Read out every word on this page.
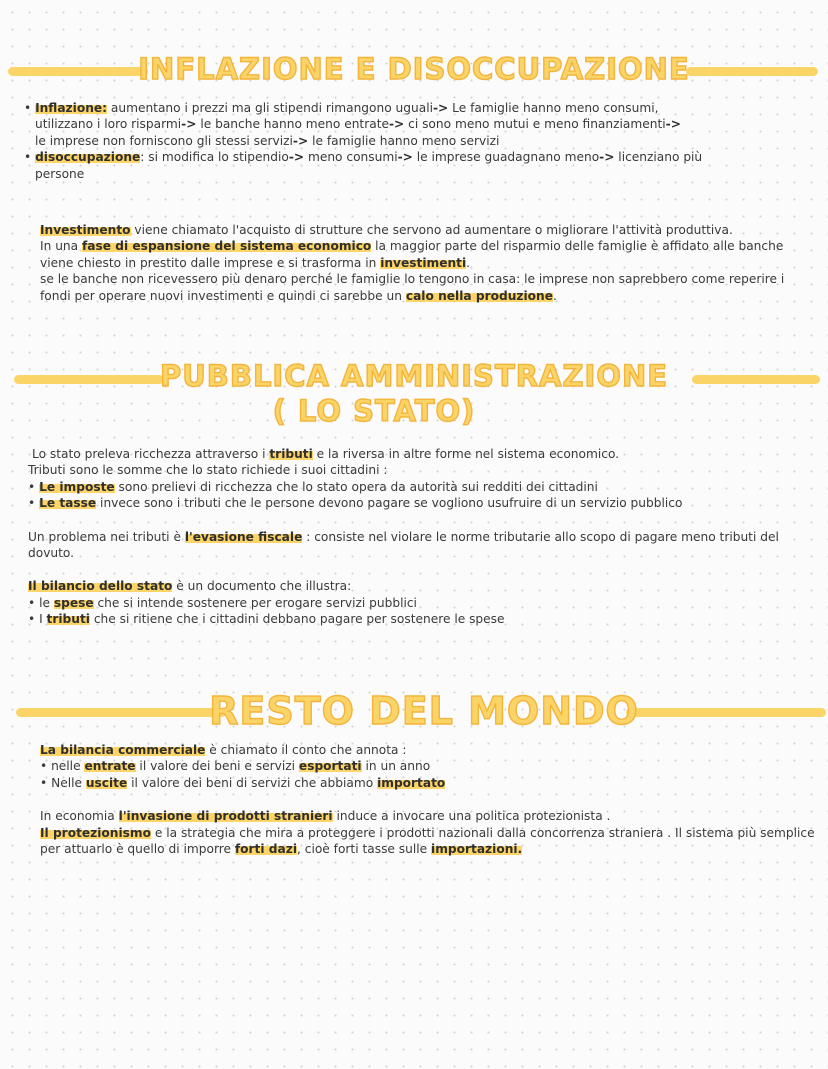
INFLAZIONE E DISOCCUPAZIONE

• Inflazione: aumentano i prezzi ma gli stipendi rimangono uguali-> Le famiglie hanno meno consumi,

utilizzano i loro risparmi-> le banche hanno meno entrate-> ci sono meno mutui e meno finanziamenti->

le imprese non forniscono gli stessi servizi-> le famiglie hanno meno servizi

• disoccupazione: si modifica lo stipendio-> meno consumi-> le imprese guadagnano meno-> licenziano più

persone

Investimento viene chiamato l'acquisto di strutture che servono ad aumentare o migliorare l'attività produttiva.

In una fase di espansione del sistema economico la maggior parte del risparmio delle famiglie è affidato alle banche viene chiesto in prestito dalle imprese e si trasforma in investimenti.

se le banche non ricevessero più denaro perché le famiglie lo tengono in casa: le imprese non saprebbero come reperire i fondi per operare nuovi investimenti e quindi ci sarebbe un calo nella produzione.

PUBBLICA AMMINISTRAZIONE
( LO STATO)

Lo stato preleva ricchezza attraverso i tributi e la riversa in altre forme nel sistema economico.

Tributi sono le somme che lo stato richiede i suoi cittadini :

• Le imposte sono prelievi di ricchezza che lo stato opera da autorità sui redditi dei cittadini

• Le tasse invece sono i tributi che le persone devono pagare se vogliono usufruire di un servizio pubblico

Un problema nei tributi è l'evasione fiscale : consiste nel violare le norme tributarie allo scopo di pagare meno tributi del dovuto.

Il bilancio dello stato è un documento che illustra:

• le spese che si intende sostenere per erogare servizi pubblici

• I tributi che si ritiene che i cittadini debbano pagare per sostenere le spese

RESTO DEL MONDO

La bilancia commerciale è chiamato il conto che annota :

• nelle entrate il valore dei beni e servizi esportati in un anno

• Nelle uscite il valore dei beni di servizi che abbiamo importato

In economia l'invasione di prodotti stranieri induce a invocare una politica protezionista .

Il protezionismo e la strategia che mira a proteggere i prodotti nazionali dalla concorrenza straniera . Il sistema più semplice per attuarlo è quello di imporre forti dazi, cioè forti tasse sulle importazioni.
